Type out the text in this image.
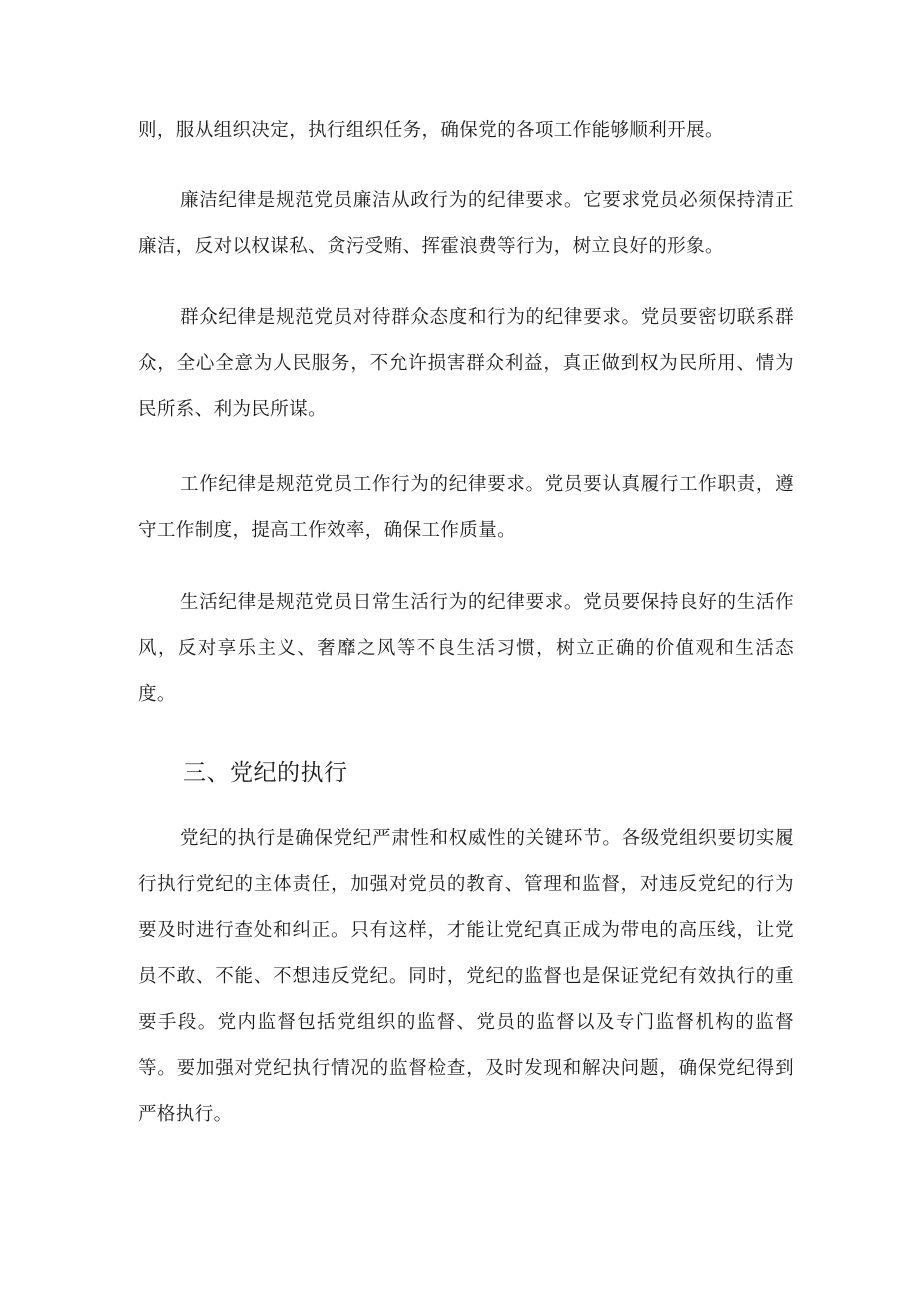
则，服从组织决定，执行组织任务，确保党的各项工作能够顺利开展。

廉洁纪律是规范党员廉洁从政行为的纪律要求。它要求党员必须保持清正廉洁，反对以权谋私、贪污受贿、挥霍浪费等行为，树立良好的形象。

群众纪律是规范党员对待群众态度和行为的纪律要求。党员要密切联系群众，全心全意为人民服务，不允许损害群众利益，真正做到权为民所用、情为民所系、利为民所谋。

工作纪律是规范党员工作行为的纪律要求。党员要认真履行工作职责，遵守工作制度，提高工作效率，确保工作质量。

生活纪律是规范党员日常生活行为的纪律要求。党员要保持良好的生活作风，反对享乐主义、奢靡之风等不良生活习惯，树立正确的价值观和生活态度。

三、党纪的执行

党纪的执行是确保党纪严肃性和权威性的关键环节。各级党组织要切实履行执行党纪的主体责任，加强对党员的教育、管理和监督，对违反党纪的行为要及时进行查处和纠正。只有这样，才能让党纪真正成为带电的高压线，让党员不敢、不能、不想违反党纪。同时，党纪的监督也是保证党纪有效执行的重要手段。党内监督包括党组织的监督、党员的监督以及专门监督机构的监督等。要加强对党纪执行情况的监督检查，及时发现和解决问题，确保党纪得到严格执行。
